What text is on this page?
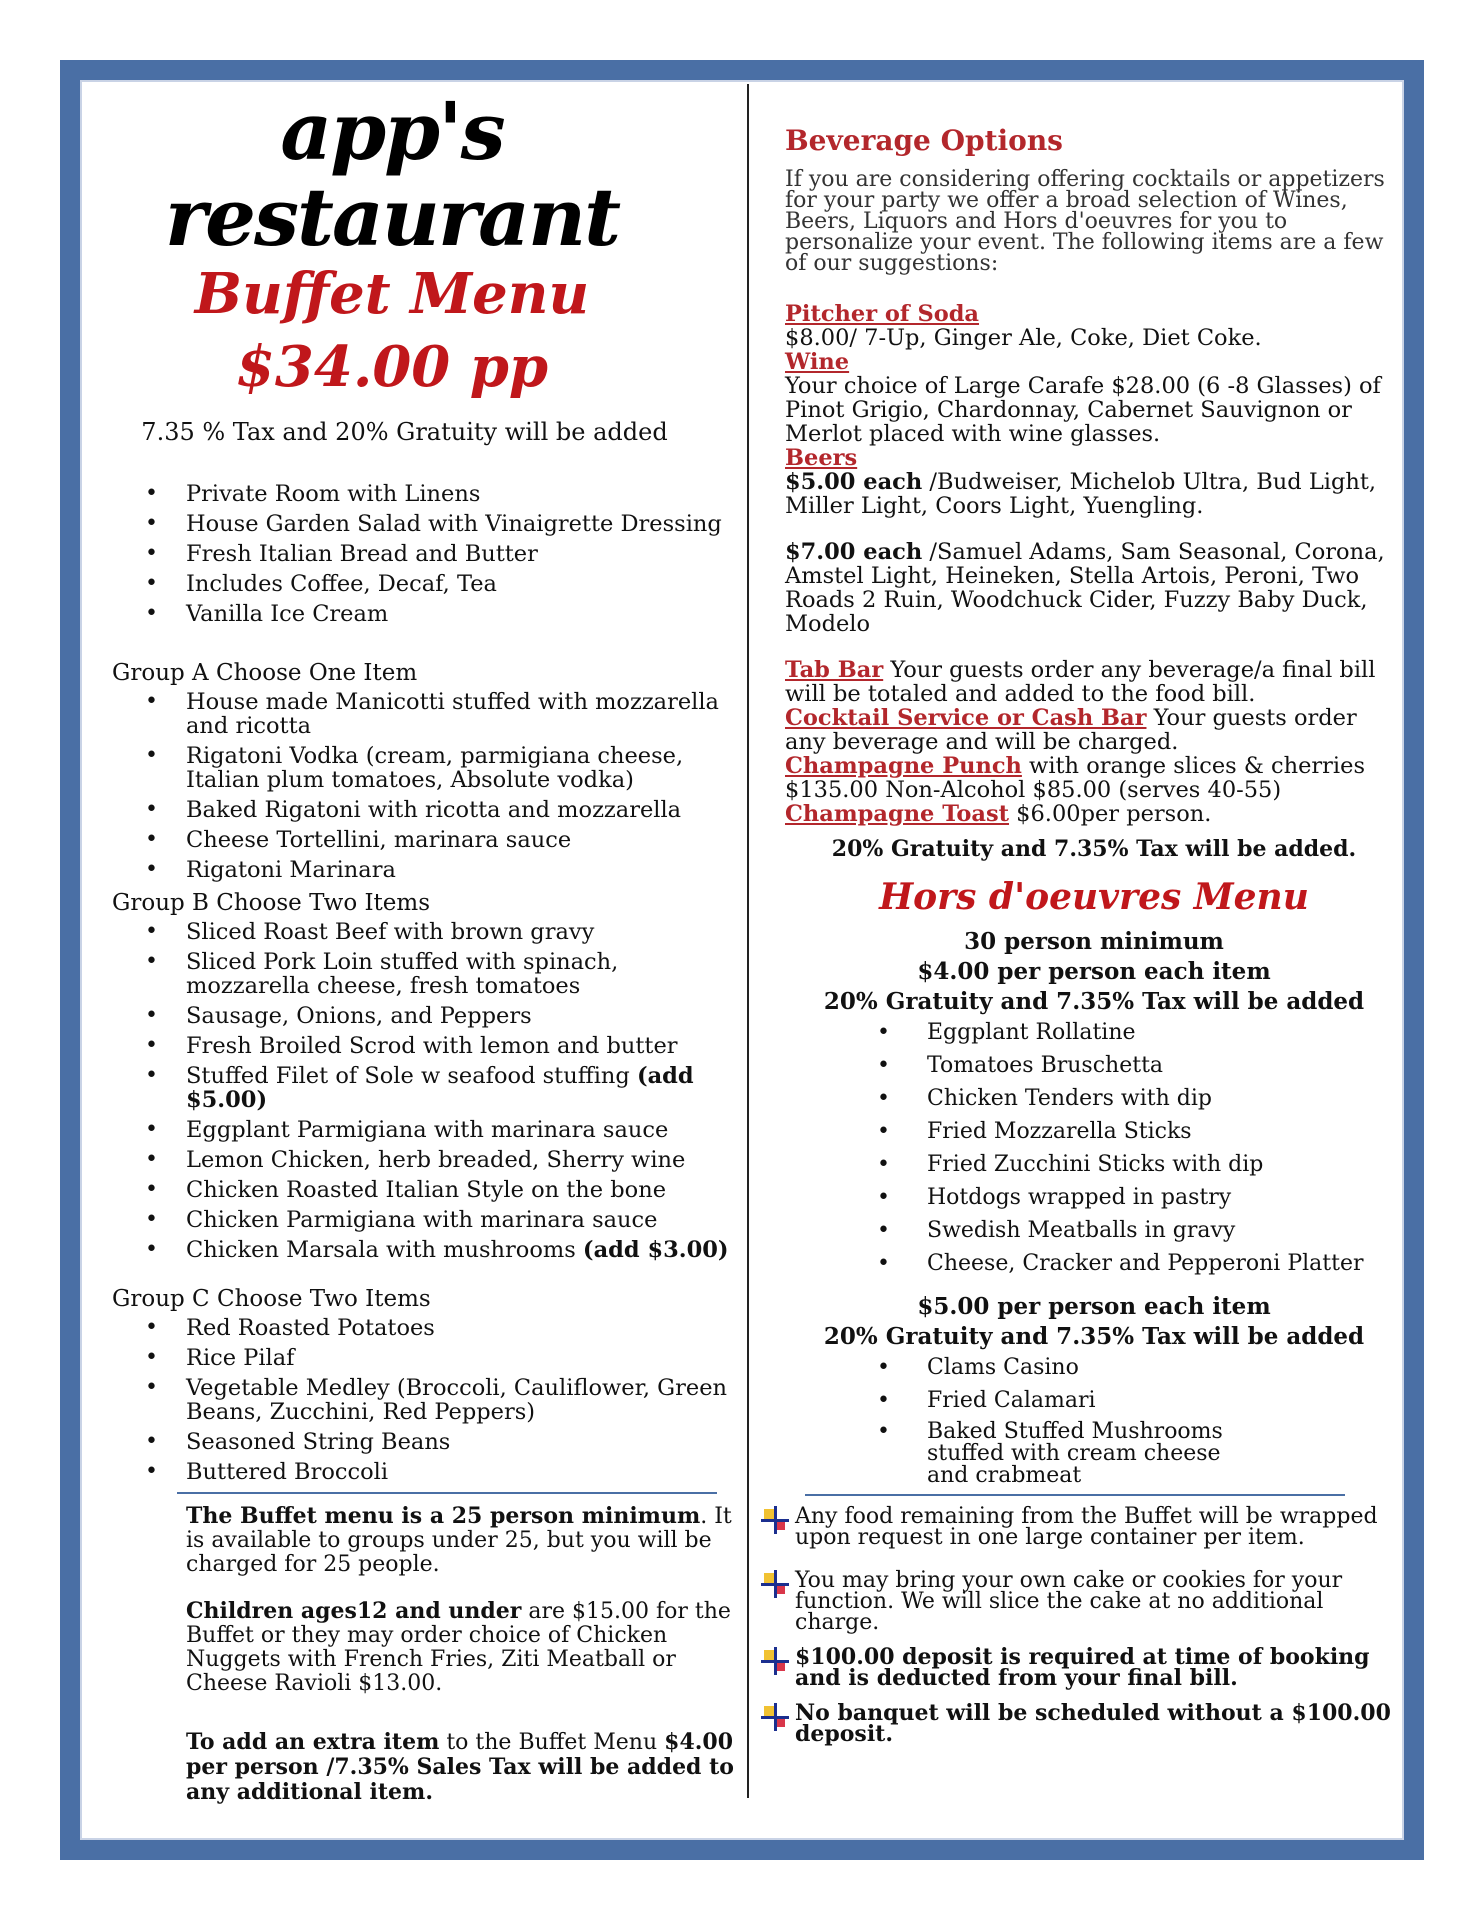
app's restaurant
Buffet Menu
$34.00 pp
7.35 % Tax and 20% Gratuity will be added
• Private Room with Linens
• House Garden Salad with Vinaigrette Dressing
• Fresh Italian Bread and Butter
• Includes Coffee, Decaf, Tea
• Vanilla Ice Cream
Group A Choose One Item
• House made Manicotti stuffed with mozzarella and ricotta
• Rigatoni Vodka (cream, parmigiana cheese, Italian plum tomatoes, Absolute vodka)
• Baked Rigatoni with ricotta and mozzarella
• Cheese Tortellini, marinara sauce
• Rigatoni Marinara
Group B Choose Two Items
• Sliced Roast Beef with brown gravy
• Sliced Pork Loin stuffed with spinach, mozzarella cheese, fresh tomatoes
• Sausage, Onions, and Peppers
• Fresh Broiled Scrod with lemon and butter
• Stuffed Filet of Sole w seafood stuffing (add $5.00)
• Eggplant Parmigiana with marinara sauce
• Lemon Chicken, herb breaded, Sherry wine
• Chicken Roasted Italian Style on the bone
• Chicken Parmigiana with marinara sauce
• Chicken Marsala with mushrooms (add $3.00)
Group C Choose Two Items
• Red Roasted Potatoes
• Rice Pilaf
• Vegetable Medley (Broccoli, Cauliflower, Green Beans, Zucchini, Red Peppers)
• Seasoned String Beans
• Buttered Broccoli
The Buffet menu is a 25 person minimum. It is available to groups under 25, but you will be charged for 25 people.
Children ages12 and under are $15.00 for the Buffet or they may order choice of Chicken Nuggets with French Fries, Ziti Meatball or Cheese Ravioli $13.00.
To add an extra item to the Buffet Menu $4.00 per person /7.35% Sales Tax will be added to any additional item.
Beverage Options
If you are considering offering cocktails or appetizers for your party we offer a broad selection of Wines, Beers, Liquors and Hors d'oeuvres for you to personalize your event. The following items are a few of our suggestions:
Pitcher of Soda
$8.00/ 7-Up, Ginger Ale, Coke, Diet Coke.
Wine
Your choice of Large Carafe $28.00 (6 -8 Glasses) of Pinot Grigio, Chardonnay, Cabernet Sauvignon or Merlot placed with wine glasses.
Beers
$5.00 each /Budweiser, Michelob Ultra, Bud Light, Miller Light, Coors Light, Yuengling.
$7.00 each /Samuel Adams, Sam Seasonal, Corona, Amstel Light, Heineken, Stella Artois, Peroni, Two Roads 2 Ruin, Woodchuck Cider, Fuzzy Baby Duck, Modelo
Tab Bar Your guests order any beverage/a final bill will be totaled and added to the food bill.
Cocktail Service or Cash Bar Your guests order any beverage and will be charged.
Champagne Punch with orange slices & cherries $135.00 Non-Alcohol $85.00 (serves 40-55)
Champagne Toast $6.00per person.
20% Gratuity and 7.35% Tax will be added.
Hors d'oeuvres Menu
30 person minimum
$4.00 per person each item
20% Gratuity and 7.35% Tax will be added
• Eggplant Rollatine
• Tomatoes Bruschetta
• Chicken Tenders with dip
• Fried Mozzarella Sticks
• Fried Zucchini Sticks with dip
• Hotdogs wrapped in pastry
• Swedish Meatballs in gravy
• Cheese, Cracker and Pepperoni Platter
$5.00 per person each item
20% Gratuity and 7.35% Tax will be added
• Clams Casino
• Fried Calamari
• Baked Stuffed Mushrooms stuffed with cream cheese and crabmeat
Any food remaining from the Buffet will be wrapped upon request in one large container per item.
You may bring your own cake or cookies for your function. We will slice the cake at no additional charge.
$100.00 deposit is required at time of booking and is deducted from your final bill.
No banquet will be scheduled without a $100.00 deposit.
